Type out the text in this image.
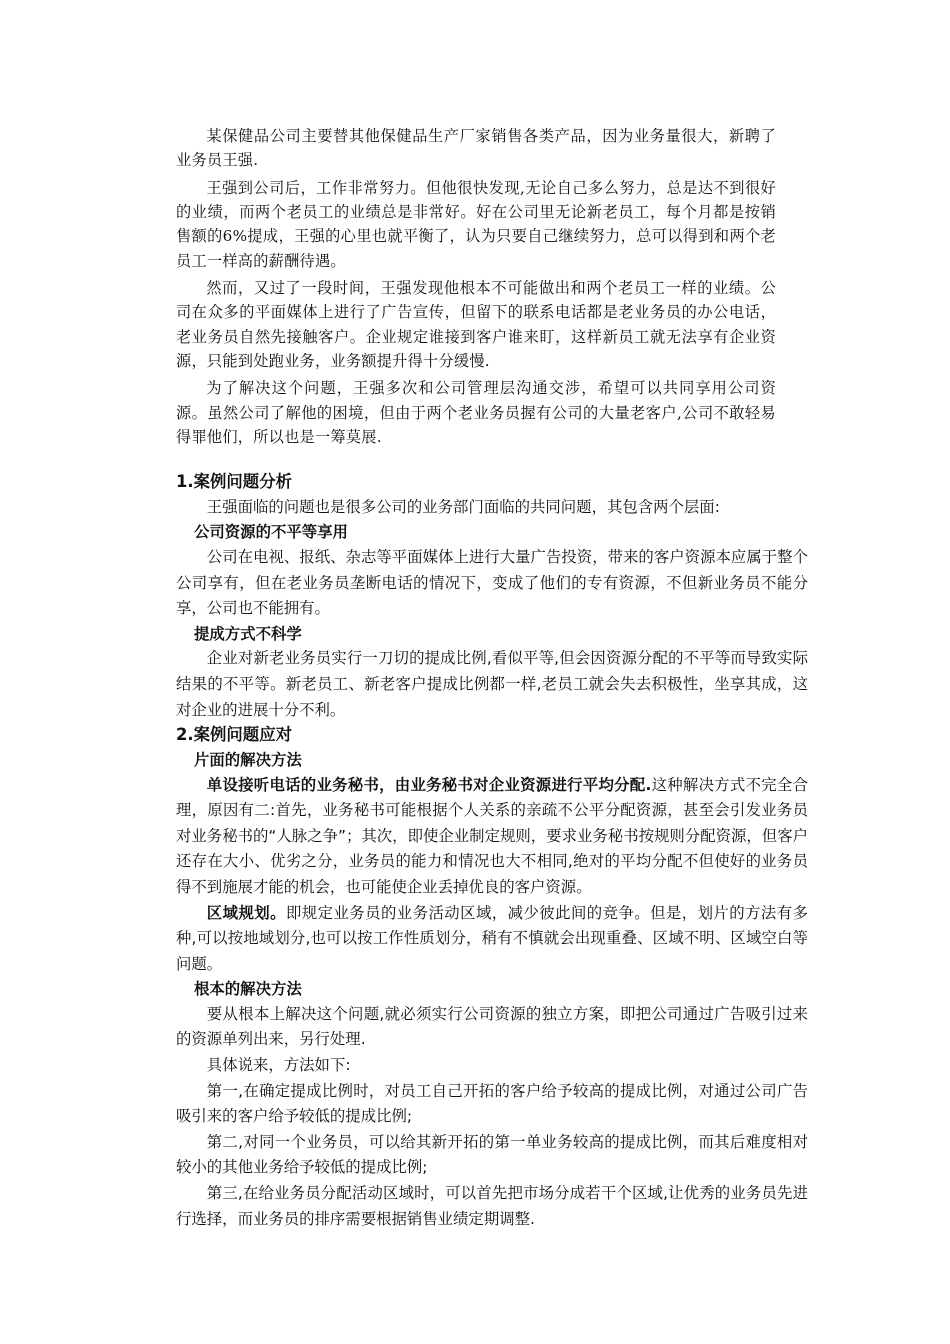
某保健品公司主要替其他保健品生产厂家销售各类产品，因为业务量很大，新聘了业务员王强.

王强到公司后，工作非常努力。但他很快发现,无论自己多么努力，总是达不到很好的业绩，而两个老员工的业绩总是非常好。好在公司里无论新老员工，每个月都是按销售额的6%提成，王强的心里也就平衡了，认为只要自己继续努力，总可以得到和两个老员工一样高的薪酬待遇。

然而，又过了一段时间，王强发现他根本不可能做出和两个老员工一样的业绩。公司在众多的平面媒体上进行了广告宣传，但留下的联系电话都是老业务员的办公电话，老业务员自然先接触客户。企业规定谁接到客户谁来盯，这样新员工就无法享有企业资源，只能到处跑业务，业务额提升得十分缓慢.

为了解决这个问题，王强多次和公司管理层沟通交涉，希望可以共同享用公司资源。虽然公司了解他的困境，但由于两个老业务员握有公司的大量老客户,公司不敢轻易得罪他们，所以也是一筹莫展.

1.案例问题分析

王强面临的问题也是很多公司的业务部门面临的共同问题，其包含两个层面:

公司资源的不平等享用

公司在电视、报纸、杂志等平面媒体上进行大量广告投资，带来的客户资源本应属于整个公司享有，但在老业务员垄断电话的情况下，变成了他们的专有资源，不但新业务员不能分享，公司也不能拥有。

提成方式不科学

企业对新老业务员实行一刀切的提成比例,看似平等,但会因资源分配的不平等而导致实际结果的不平等。新老员工、新老客户提成比例都一样,老员工就会失去积极性，坐享其成，这对企业的进展十分不利。

2.案例问题应对
片面的解决方法

单设接听电话的业务秘书，由业务秘书对企业资源进行平均分配.这种解决方式不完全合理，原因有二:首先，业务秘书可能根据个人关系的亲疏不公平分配资源，甚至会引发业务员对业务秘书的“人脉之争”；其次，即使企业制定规则，要求业务秘书按规则分配资源，但客户还存在大小、优劣之分，业务员的能力和情况也大不相同,绝对的平均分配不但使好的业务员得不到施展才能的机会，也可能使企业丢掉优良的客户资源。

区域规划。即规定业务员的业务活动区域，减少彼此间的竞争。但是，划片的方法有多种,可以按地域划分,也可以按工作性质划分，稍有不慎就会出现重叠、区域不明、区域空白等问题。

根本的解决方法

要从根本上解决这个问题,就必须实行公司资源的独立方案，即把公司通过广告吸引过来的资源单列出来，另行处理.

具体说来，方法如下:

第一,在确定提成比例时，对员工自己开拓的客户给予较高的提成比例，对通过公司广告吸引来的客户给予较低的提成比例;

第二,对同一个业务员，可以给其新开拓的第一单业务较高的提成比例，而其后难度相对较小的其他业务给予较低的提成比例;

第三,在给业务员分配活动区域时，可以首先把市场分成若干个区域,让优秀的业务员先进行选择，而业务员的排序需要根据销售业绩定期调整.
